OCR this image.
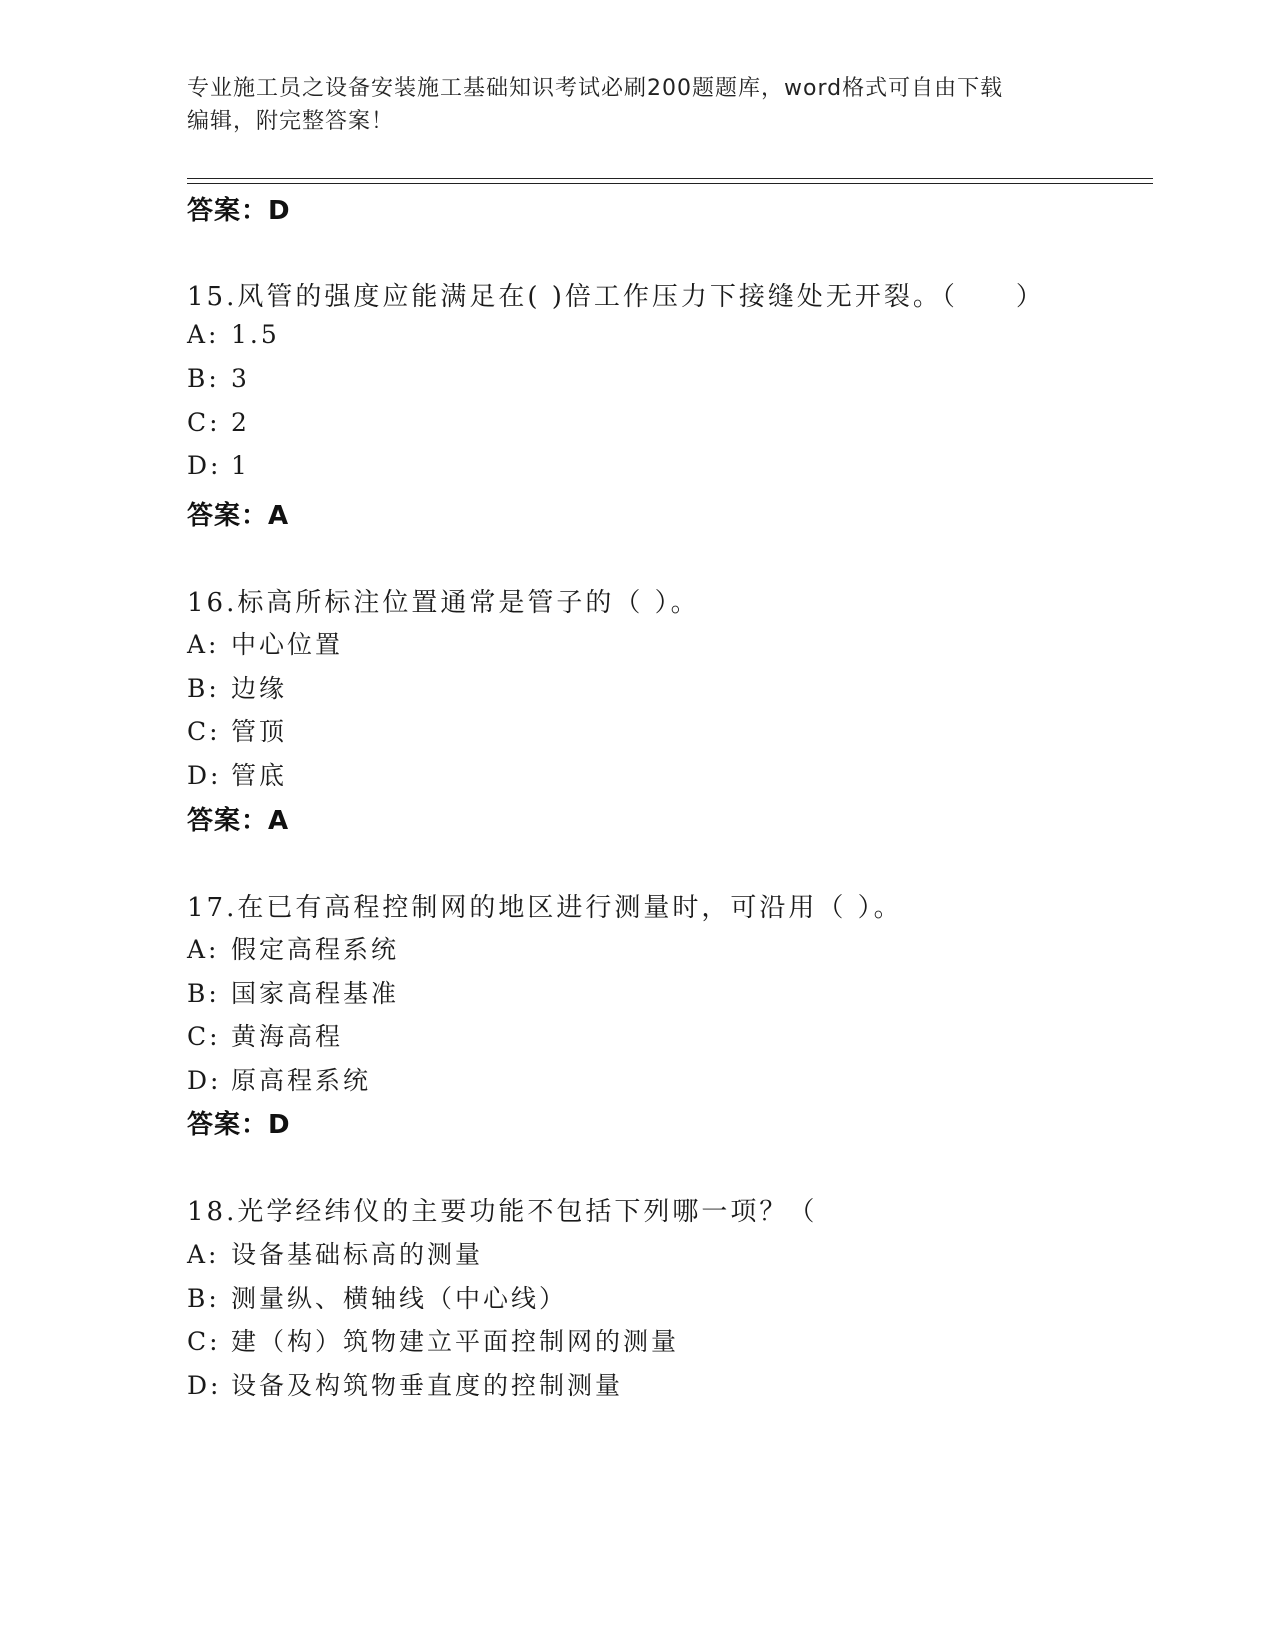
专业施工员之设备安装施工基础知识考试必刷200题题库，word格式可自由下载
编辑，附完整答案！
答案：D
15.风管的强度应能满足在( )倍工作压力下接缝处无开裂。（　　）
A: 1.5
B: 3
C: 2
D: 1
答案：A
16.标高所标注位置通常是管子的（ ）。
A: 中心位置
B: 边缘
C: 管顶
D: 管底
答案：A
17.在已有高程控制网的地区进行测量时，可沿用（ ）。
A: 假定高程系统
B: 国家高程基准
C: 黄海高程
D: 原高程系统
答案：D
18.光学经纬仪的主要功能不包括下列哪一项？（
A: 设备基础标高的测量
B: 测量纵、横轴线（中心线）
C: 建（构）筑物建立平面控制网的测量
D: 设备及构筑物垂直度的控制测量
